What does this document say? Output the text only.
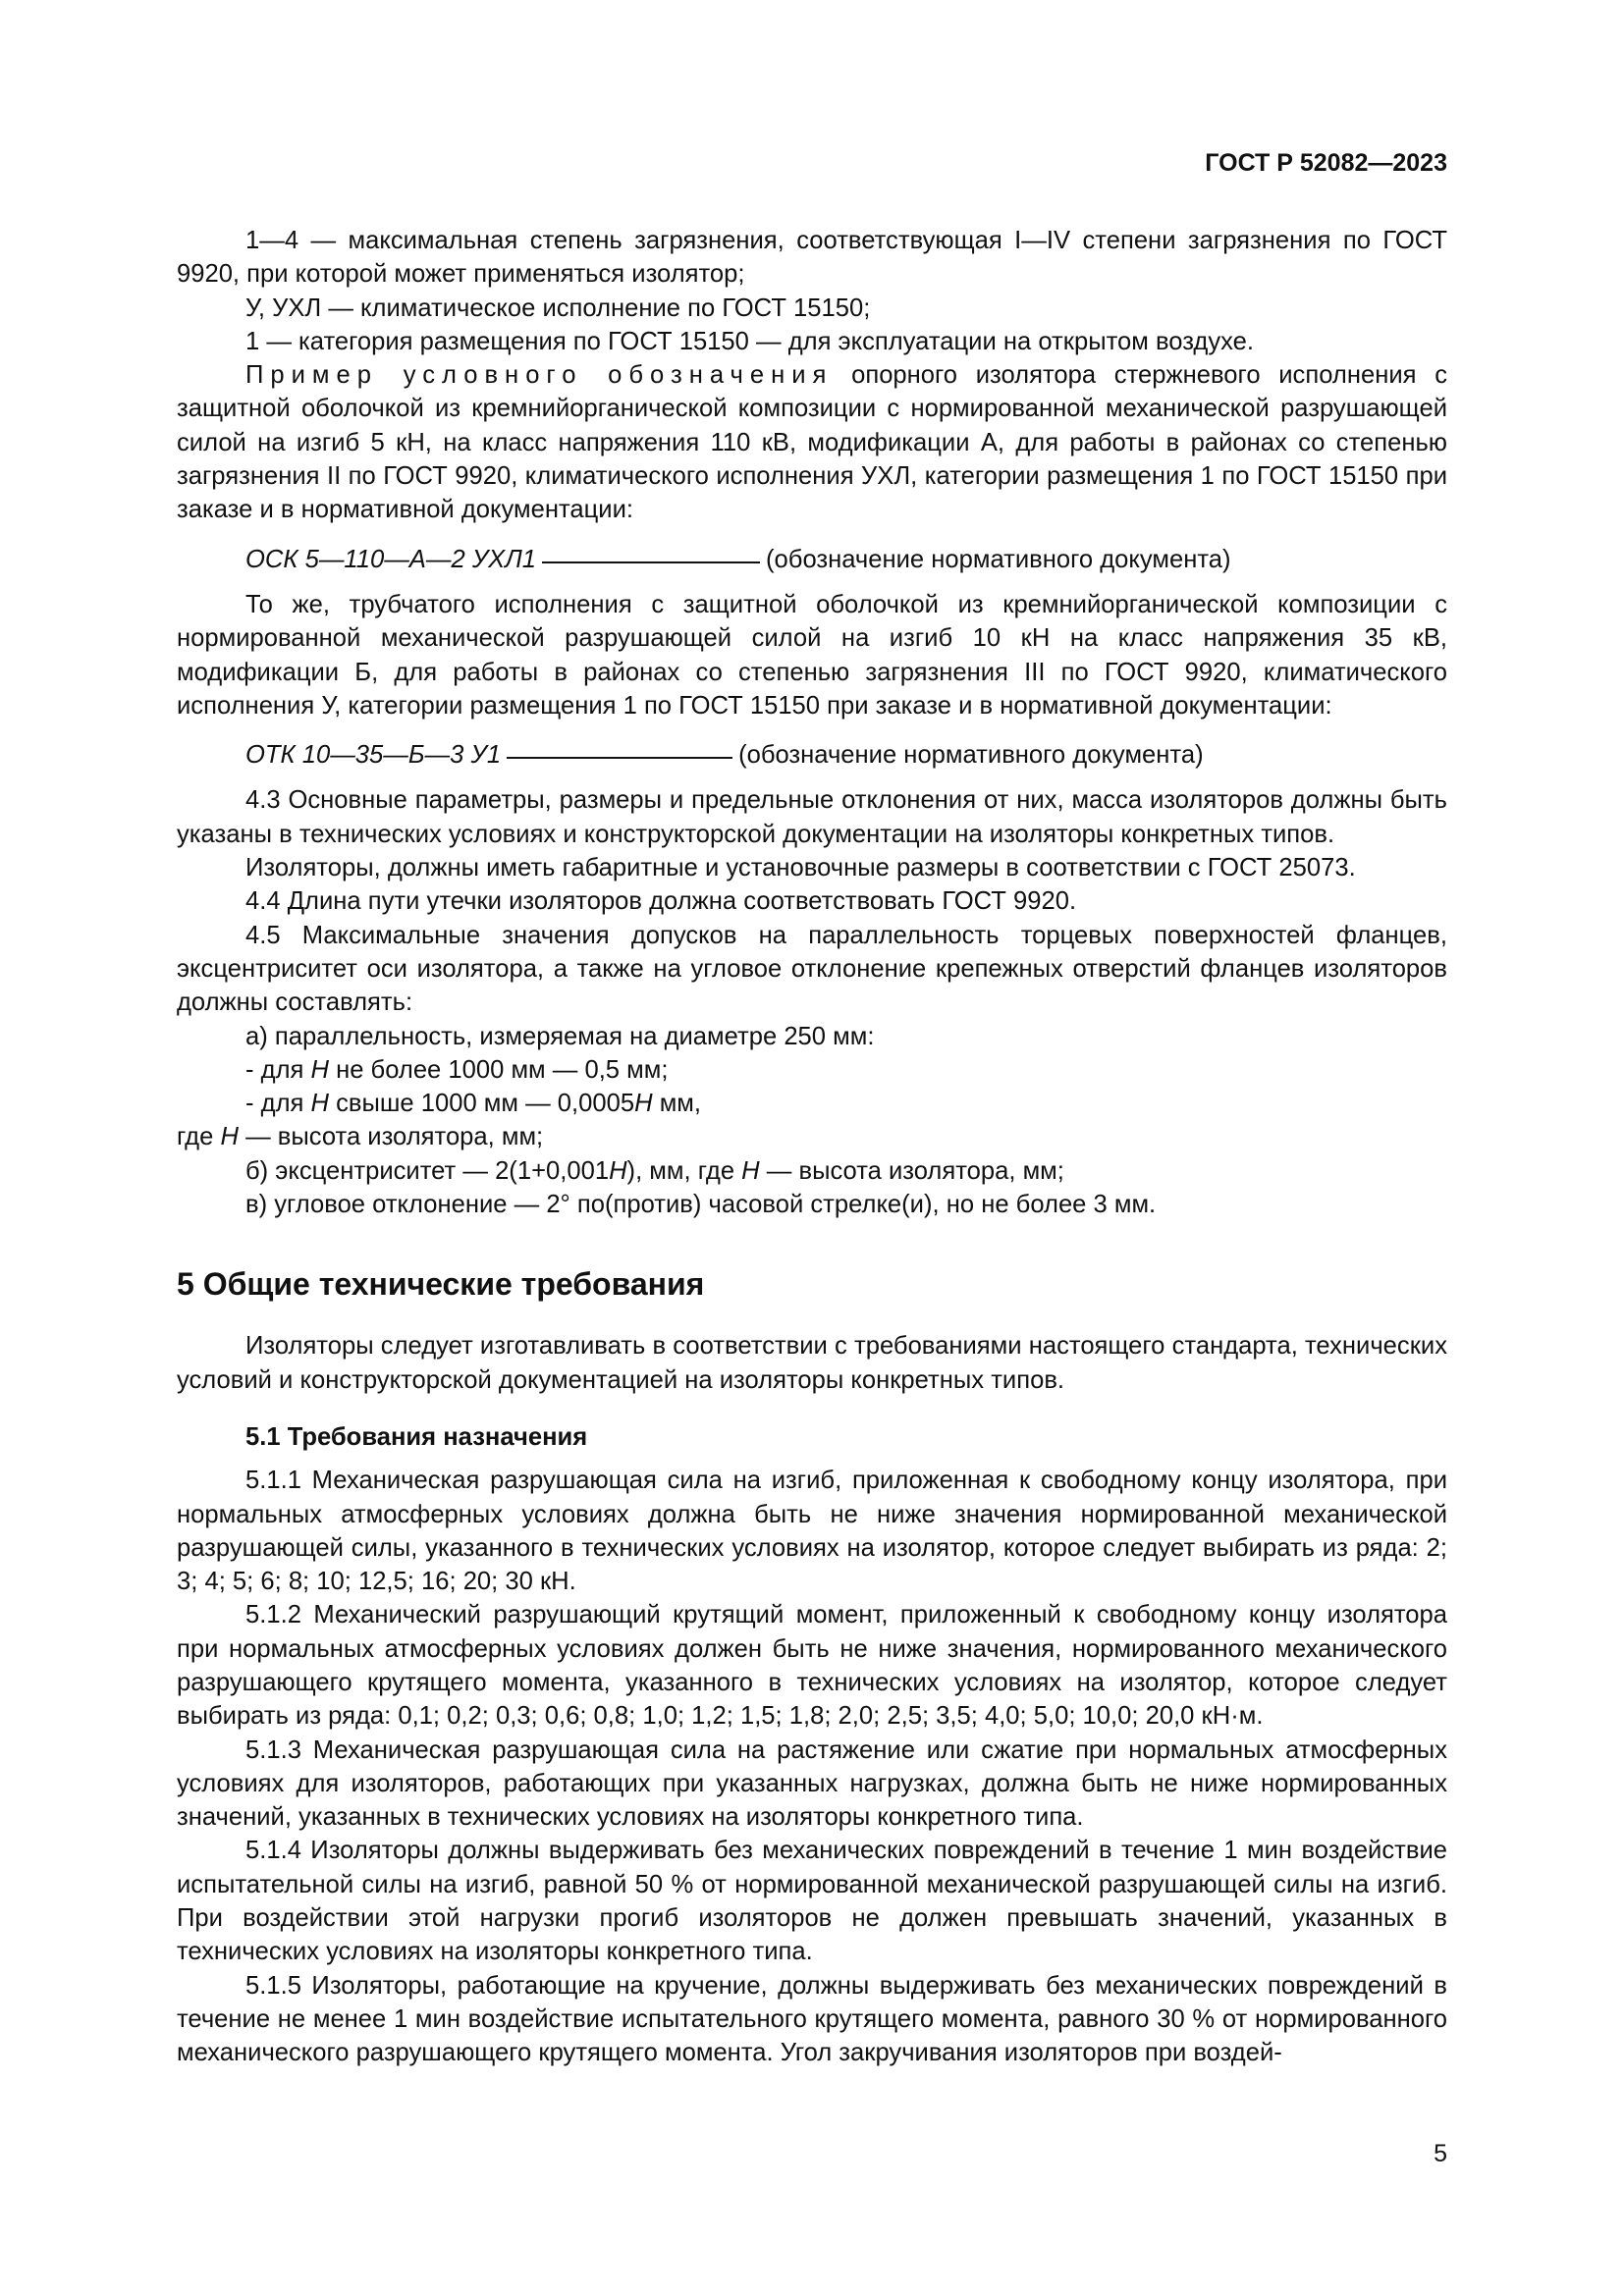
ГОСТ Р 52082—2023

1—4 — максимальная степень загрязнения, соответствующая I—IV степени загрязнения по ГОСТ 9920, при которой может применяться изолятор;

У, УХЛ — климатическое исполнение по ГОСТ 15150;

1 — категория размещения по ГОСТ 15150 — для эксплуатации на открытом воздухе.

Пример условного обозначения опорного изолятора стержневого исполнения с защитной оболочкой из кремнийорганической композиции с нормированной механической разрушающей силой на изгиб 5 кН, на класс напряжения 110 кВ, модификации А, для работы в районах со степенью загрязнения II по ГОСТ 9920, климатического исполнения УХЛ, категории размещения 1 по ГОСТ 15150 при заказе и в нормативной документации:

ОСК 5—110—А—2 УХЛ1	(обозначение нормативного документа)

То же, трубчатого исполнения с защитной оболочкой из кремнийорганической композиции с нормированной механической разрушающей силой на изгиб 10 кН на класс напряжения 35 кВ, модификации Б, для работы в районах со степенью загрязнения III по ГОСТ 9920, климатического исполнения У, категории размещения 1 по ГОСТ 15150 при заказе и в нормативной документации:

ОТК 10—35—Б—3 У1	(обозначение нормативного документа)

4.3 Основные параметры, размеры и предельные отклонения от них, масса изоляторов должны быть указаны в технических условиях и конструкторской документации на изоляторы конкретных типов.

Изоляторы, должны иметь габаритные и установочные размеры в соответствии с ГОСТ 25073.

4.4 Длина пути утечки изоляторов должна соответствовать ГОСТ 9920.

4.5 Максимальные значения допусков на параллельность торцевых поверхностей фланцев, эксцентриситет оси изолятора, а также на угловое отклонение крепежных отверстий фланцев изоляторов должны составлять:

а) параллельность, измеряемая на диаметре 250 мм:

- для Н не более 1000 мм — 0,5 мм;

- для Н свыше 1000 мм — 0,0005Н мм,

где Н — высота изолятора, мм;

б) эксцентриситет — 2(1+0,001Н), мм, где Н — высота изолятора, мм;

в) угловое отклонение — 2° по(против) часовой стрелке(и), но не более 3 мм.

5 Общие технические требования

Изоляторы следует изготавливать в соответствии с требованиями настоящего стандарта, технических условий и конструкторской документацией на изоляторы конкретных типов.

5.1 Требования назначения

5.1.1 Механическая разрушающая сила на изгиб, приложенная к свободному концу изолятора, при нормальных атмосферных условиях должна быть не ниже значения нормированной механической разрушающей силы, указанного в технических условиях на изолятор, которое следует выбирать из ряда: 2; 3; 4; 5; 6; 8; 10; 12,5; 16; 20; 30 кН.

5.1.2 Механический разрушающий крутящий момент, приложенный к свободному концу изолятора при нормальных атмосферных условиях должен быть не ниже значения, нормированного механического разрушающего крутящего момента, указанного в технических условиях на изолятор, которое следует выбирать из ряда: 0,1; 0,2; 0,3; 0,6; 0,8; 1,0; 1,2; 1,5; 1,8; 2,0; 2,5; 3,5; 4,0; 5,0; 10,0; 20,0 кН·м.

5.1.3 Механическая разрушающая сила на растяжение или сжатие при нормальных атмосферных условиях для изоляторов, работающих при указанных нагрузках, должна быть не ниже нормированных значений, указанных в технических условиях на изоляторы конкретного типа.

5.1.4 Изоляторы должны выдерживать без механических повреждений в течение 1 мин воздействие испытательной силы на изгиб, равной 50 % от нормированной механической разрушающей силы на изгиб. При воздействии этой нагрузки прогиб изоляторов не должен превышать значений, указанных в технических условиях на изоляторы конкретного типа.

5.1.5 Изоляторы, работающие на кручение, должны выдерживать без механических повреждений в течение не менее 1 мин воздействие испытательного крутящего момента, равного 30 % от нормированного механического разрушающего крутящего момента. Угол закручивания изоляторов при воздей-

5
